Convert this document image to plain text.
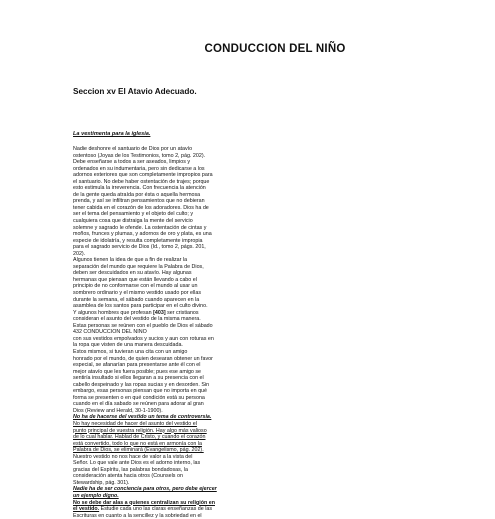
CONDUCCION DEL NIÑO
Seccion xv El Atavio Adecuado.
La vestimenta para la iglesia.
Nadie deshonre el santuario de Dios por un atavío
ostentoso (Joyas de los Testimonios, tomo 2, pág. 202).
Debe enseñarse a todos a ser aseados, limpios y
ordenados en su indumentaria, pero sin dedicarse a los
adornos exteriores que son completamente impropios para
el santuario. No debe haber ostentación de trajes; porque
esto estimula la irreverencia. Con frecuencia la atención
de la gente queda atraída por ésta o aquella hermosa
prenda, y así se infiltran pensamientos que no debieran
tener cabida en el corazón de los adoradores. Dios ha de
ser el tema del pensamiento y el objeto del culto; y
cualquiera cosa que distraiga la mente del servicio
solemne y sagrado le ofende. La ostentación de cintas y
moños, frunces y plumas, y adornos de oro y plata, es una
especie de idolatría, y resulta completamente impropia
para el sagrado servicio de Dios (Id., tomo 2, págs. 201,
202).
Algunos tienen la idea de que a fin de realizar la
separación del mundo que requiere la Palabra de Dios,
deben ser descuidados en su atavío. Hay algunas
hermanas que piensan que están llevando a cabo el
principio de no conformarse con el mundo al usar un
sombrero ordinario y el mismo vestido usado por ellas
durante la semana, el sábado cuando aparecen en la
asamblea de los santos para participar en el culto divino.
Y algunos hombres que profesan [403] ser cristianos
consideran el asunto del vestido de la misma manera.
Estas personas se reúnen con el pueblo de Dios el sábado
432 CONDUCCION DEL NIÑO
con sus vestidos empolvados y sucios y aun con roturas en
la ropa que visten de una manera descuidada.
Estos mismos, si tuvieran una cita con un amigo
honrado por el mundo, de quien desearan obtener un favor
especial, se afanarían para presentarse ante él con el
mejor atavío que les fuera posible; pues ese amigo se
sentiría insultado si ellos llegaran a su presencia con el
cabello despeinado y las ropas sucias y en desorden. Sin
embargo, esas personas piensan que no importa en qué
forma se presenten o en qué condición está su persona
cuando en el día sabado se reúnen para adorar al gran
Dios (Review and Herald, 30-1-1900).
No ha de hacerse del vestido un tema de controversia.
No hay necesidad de hacer del asunto del vestido el
punto principal de vuestra religión. Hay algo más valioso
de lo cual hablar. Hablad de Cristo, y cuando el corazón
está convertido, todo lo que no está en armonía con la
Palabra de Dios, se eliminará (Evangelismo, pág. 202).
Nuestro vestido no nos hace de valor a la vista del
Señor. Lo que vale ante Dios es el adorno interno, las
gracias del Espíritu, las palabras bondadosas, la
consideración atenta hacia otros (Counsels on
Stewardship, pág. 301).
Nadie ha de ser conciencia para otros, pero debe ejercer
un ejemplo digno.
No se debe dar alas a quienes centralizan su religión en
el vestido. Estudie cada uno las claras enseñanzas de las
Escrituras en cuanto a la sencillez y la sobriedad en el
